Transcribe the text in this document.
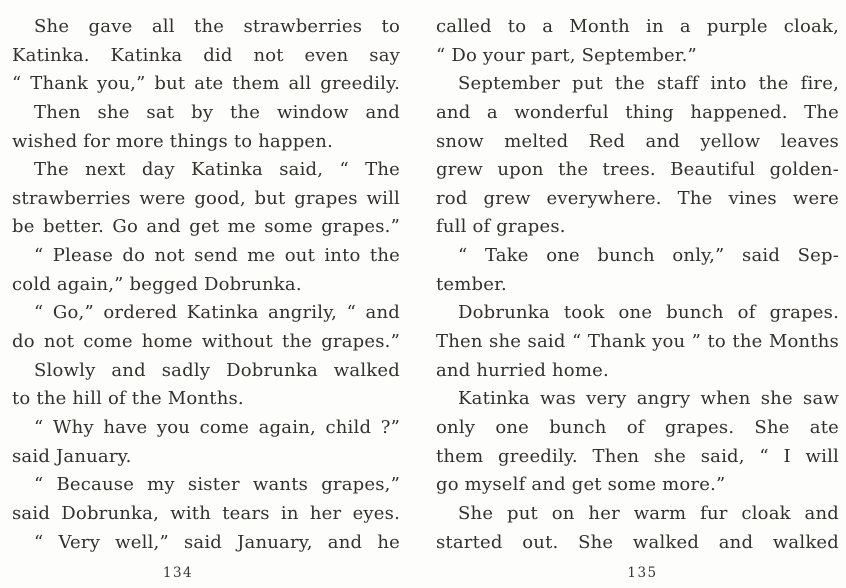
She gave all the strawberries to
Katinka. Katinka did not even say
“ Thank you,” but ate them all greedily.
Then she sat by the window and
wished for more things to happen.
The next day Katinka said, “ The
strawberries were good, but grapes will
be better. Go and get me some grapes.”
“ Please do not send me out into the
cold again,” begged Dobrunka.
“ Go,” ordered Katinka angrily, “ and
do not come home without the grapes.”
Slowly and sadly Dobrunka walked
to the hill of the Months.
“ Why have you come again, child ?”
said January.
“ Because my sister wants grapes,”
said Dobrunka, with tears in her eyes.
“ Very well,” said January, and he
134
called to a Month in a purple cloak,
“ Do your part, September.”
September put the staff into the fire,
and a wonderful thing happened. The
snow melted Red and yellow leaves
grew upon the trees. Beautiful golden-
rod grew everywhere. The vines were
full of grapes.
“ Take one bunch only,” said Sep-
tember.
Dobrunka took one bunch of grapes.
Then she said “ Thank you ” to the Months
and hurried home.
Katinka was very angry when she saw
only one bunch of grapes. She ate
them greedily. Then she said, “ I will
go myself and get some more.”
She put on her warm fur cloak and
started out. She walked and walked
135
